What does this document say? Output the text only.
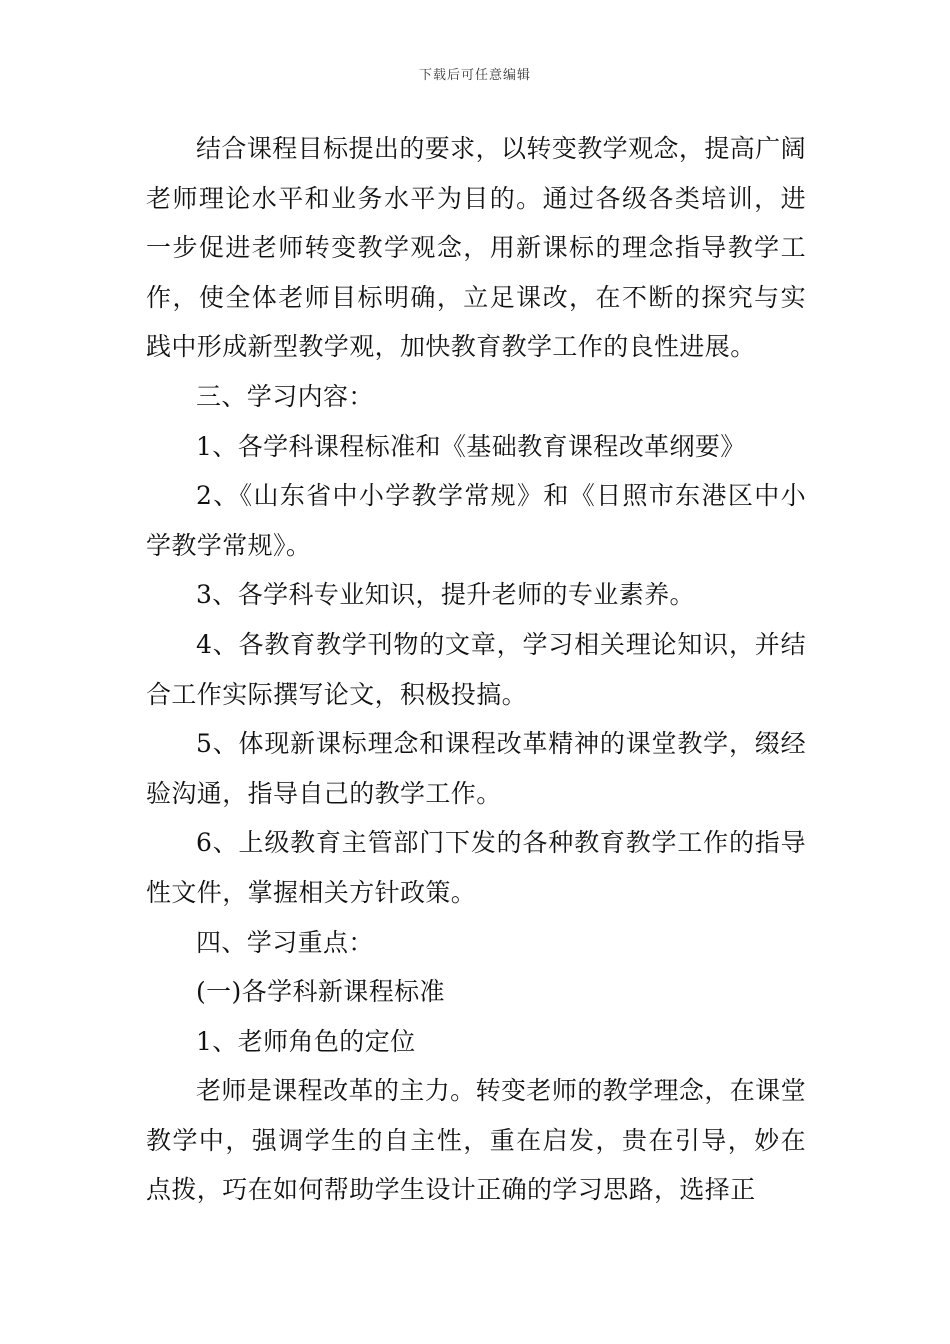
下载后可任意编辑

结合课程目标提出的要求，以转变教学观念，提高广阔老师理论水平和业务水平为目的。通过各级各类培训，进一步促进老师转变教学观念，用新课标的理念指导教学工作，使全体老师目标明确，立足课改，在不断的探究与实践中形成新型教学观，加快教育教学工作的良性进展。

三、学习内容：

1、各学科课程标准和《基础教育课程改革纲要》

2、《山东省中小学教学常规》和《日照市东港区中小学教学常规》。

3、各学科专业知识，提升老师的专业素养。

4、各教育教学刊物的文章，学习相关理论知识，并结合工作实际撰写论文，积极投搞。

5、体现新课标理念和课程改革精神的课堂教学，缀经验沟通，指导自己的教学工作。

6、上级教育主管部门下发的各种教育教学工作的指导性文件，掌握相关方针政策。

四、学习重点：

(一)各学科新课程标准

1、老师角色的定位

老师是课程改革的主力。转变老师的教学理念，在课堂教学中，强调学生的自主性，重在启发，贵在引导，妙在点拨，巧在如何帮助学生设计正确的学习思路，选择正
